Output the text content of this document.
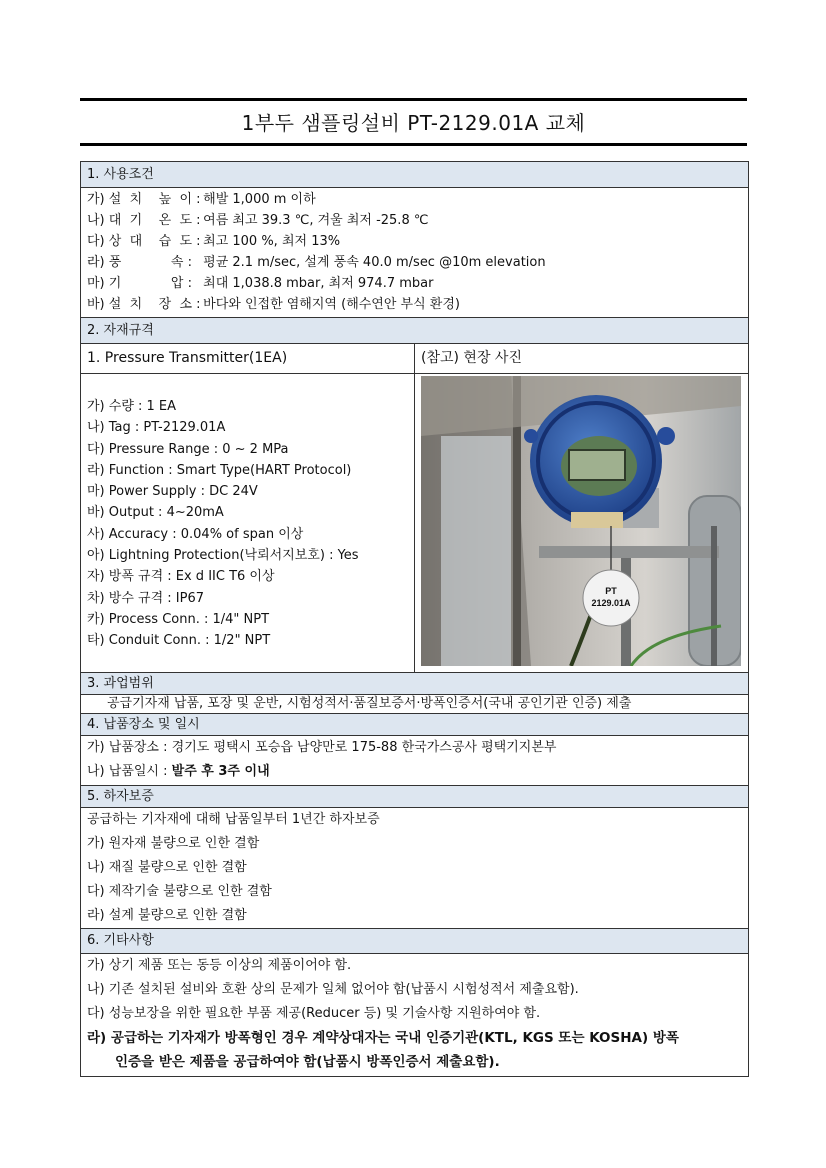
1부두 샘플링설비 PT-2129.01A 교체
1. 사용조건
가) 설  치    높  이 : 해발 1,000 m 이하
나) 대  기    온  도 : 여름 최고 39.3 ℃, 겨울 최저 -25.8 ℃
다) 상  대    습  도 : 최고 100 %, 최저 13%
라) 풍            속 : 평균 2.1 m/sec, 설계 풍속 40.0 m/sec @10m elevation
마) 기            압 : 최대 1,038.8 mbar, 최저 974.7 mbar
바) 설  치    장  소 : 바다와 인접한 염해지역 (해수연안 부식 환경)
2. 자재규격
1. Pressure Transmitter(1EA)
가) 수량 : 1 EA
나) Tag : PT-2129.01A
다) Pressure Range : 0 ~ 2 MPa
라) Function : Smart Type(HART Protocol)
마) Power Supply : DC 24V
바) Output : 4~20mA
사) Accuracy : 0.04% of span 이상
아) Lightning Protection(낙뢰서지보호) : Yes
자) 방폭 규격 : Ex d IIC T6 이상
차) 방수 규격 : IP67
카) Process Conn. : 1/4" NPT
타) Conduit Conn. : 1/2" NPT
(참고) 현장 사진
PT
2129.01A
3. 과업범위
공급기자재 납품, 포장 및 운반, 시험성적서·품질보증서·방폭인증서(국내 공인기관 인증) 제출
4. 납품장소 및 일시
가) 납품장소 : 경기도 평택시 포승읍 남양만로 175-88 한국가스공사 평택기지본부
나) 납품일시 : 발주 후 3주 이내
5. 하자보증
공급하는 기자재에 대해 납품일부터 1년간 하자보증
가) 원자재 불량으로 인한 결함
나) 재질 불량으로 인한 결함
다) 제작기술 불량으로 인한 결함
라) 설계 불량으로 인한 결함
6. 기타사항
가) 상기 제품 또는 동등 이상의 제품이어야 함.
나) 기존 설치된 설비와 호환 상의 문제가 일체 없어야 함(납품시 시험성적서 제출요함).
다) 성능보장을 위한 필요한 부품 제공(Reducer 등) 및 기술사항 지원하여야 함.
라) 공급하는 기자재가 방폭형인 경우 계약상대자는 국내 인증기관(KTL, KGS 또는 KOSHA) 방폭
인증을 받은 제품을 공급하여야 함(납품시 방폭인증서 제출요함).
